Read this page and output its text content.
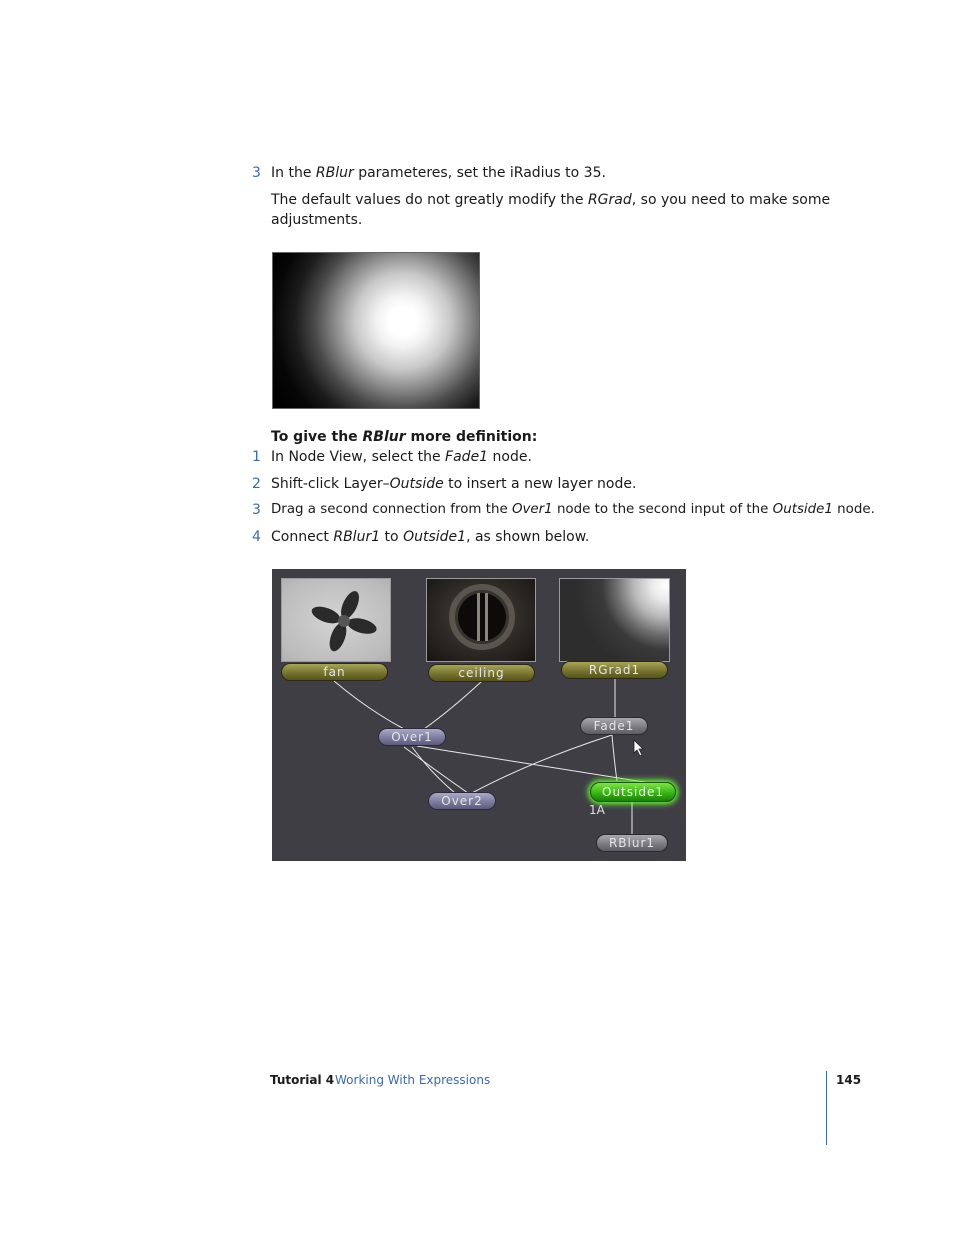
3 In the RBlur parameteres, set the iRadius to 35.
The default values do not greatly modify the RGrad, so you need to make some
adjustments.
To give the RBlur more definition:
1 In Node View, select the Fade1 node.
2 Shift-click Layer–Outside to insert a new layer node.
3 Drag a second connection from the Over1 node to the second input of the Outside1 node.
4 Connect RBlur1 to Outside1, as shown below.
fan	ceiling	RGrad1
Fade1
Over1
Over2
Outside1
1A
RBlur1
Tutorial 4 Working With Expressions	145
